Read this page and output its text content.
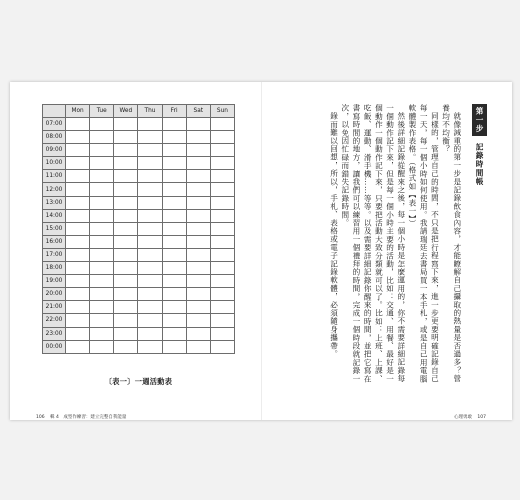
	Mon	Tue	Wed	Thu	Fri	Sat	Sun
07:00							
08:00							
09:00							
10:00							
11:00							
12:00							
13:00							
14:00							
15:00							
16:00							
17:00							
18:00							
19:00							
20:00							
21:00							
22:00							
23:00							
00:00							
〔表一〕一週活動表
106 輯 4　成型作練習：建立完整自我能量
第一步 記錄時間帳

就像減重的第一步是記錄飲食內容，才能瞭解自己攝取的熱量是否過多？營養均不均衡？

同樣的，管理自己的時間，不只是把行程寫下來，進一步更要明確記錄自己每一天，每一個小時如何使用。我請瑞廷去書局買一本手札，或是自己用電腦軟體製作表格。（格式如【表一】）

然後詳細記錄從醒來之後，每一個小時是怎麼運用的，你不需要詳細記錄每一個動作記下來，但是每一個小時主要的活動，比如：交通、用餐、最好是一個動作一個動作記下來，只要把活動大致分類就可以了。比如：上班、上課、吃飯、運動、滑手機……等等。以及需要詳細記錄你醒來的時間，並把它寫在書寫時間的地方，讓我們可以練習用一個禮拜的時間，完成一個時段就記錄一次，以免因忙碌而錯失記錄時間。

錄而難以回想，所以，手札、表格或電子記錄軟體，必須隨身攜帶。

心理勇敢 107
